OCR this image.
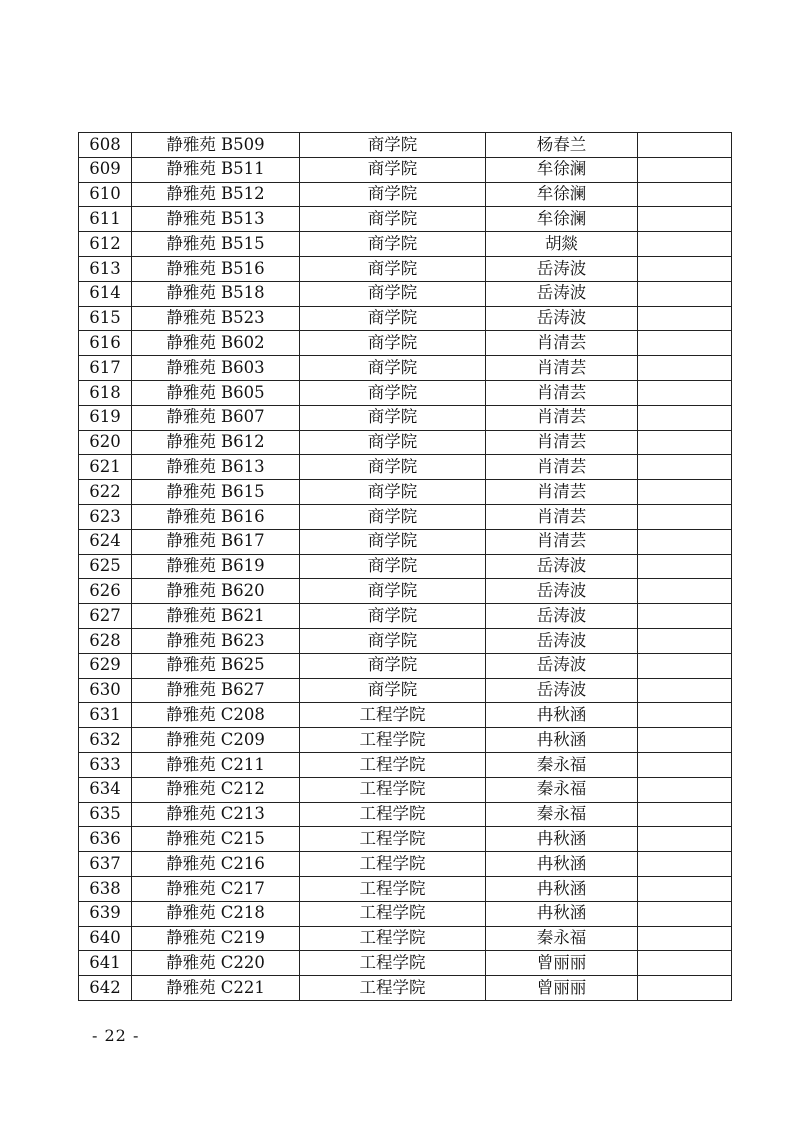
608	静雅苑 B509	商学院	杨春兰	
609	静雅苑 B511	商学院	牟徐澜	
610	静雅苑 B512	商学院	牟徐澜	
611	静雅苑 B513	商学院	牟徐澜	
612	静雅苑 B515	商学院	胡燚	
613	静雅苑 B516	商学院	岳涛波	
614	静雅苑 B518	商学院	岳涛波	
615	静雅苑 B523	商学院	岳涛波	
616	静雅苑 B602	商学院	肖清芸	
617	静雅苑 B603	商学院	肖清芸	
618	静雅苑 B605	商学院	肖清芸	
619	静雅苑 B607	商学院	肖清芸	
620	静雅苑 B612	商学院	肖清芸	
621	静雅苑 B613	商学院	肖清芸	
622	静雅苑 B615	商学院	肖清芸	
623	静雅苑 B616	商学院	肖清芸	
624	静雅苑 B617	商学院	肖清芸	
625	静雅苑 B619	商学院	岳涛波	
626	静雅苑 B620	商学院	岳涛波	
627	静雅苑 B621	商学院	岳涛波	
628	静雅苑 B623	商学院	岳涛波	
629	静雅苑 B625	商学院	岳涛波	
630	静雅苑 B627	商学院	岳涛波	
631	静雅苑 C208	工程学院	冉秋涵	
632	静雅苑 C209	工程学院	冉秋涵	
633	静雅苑 C211	工程学院	秦永福	
634	静雅苑 C212	工程学院	秦永福	
635	静雅苑 C213	工程学院	秦永福	
636	静雅苑 C215	工程学院	冉秋涵	
637	静雅苑 C216	工程学院	冉秋涵	
638	静雅苑 C217	工程学院	冉秋涵	
639	静雅苑 C218	工程学院	冉秋涵	
640	静雅苑 C219	工程学院	秦永福	
641	静雅苑 C220	工程学院	曾丽丽	
642	静雅苑 C221	工程学院	曾丽丽	
- 22 -
